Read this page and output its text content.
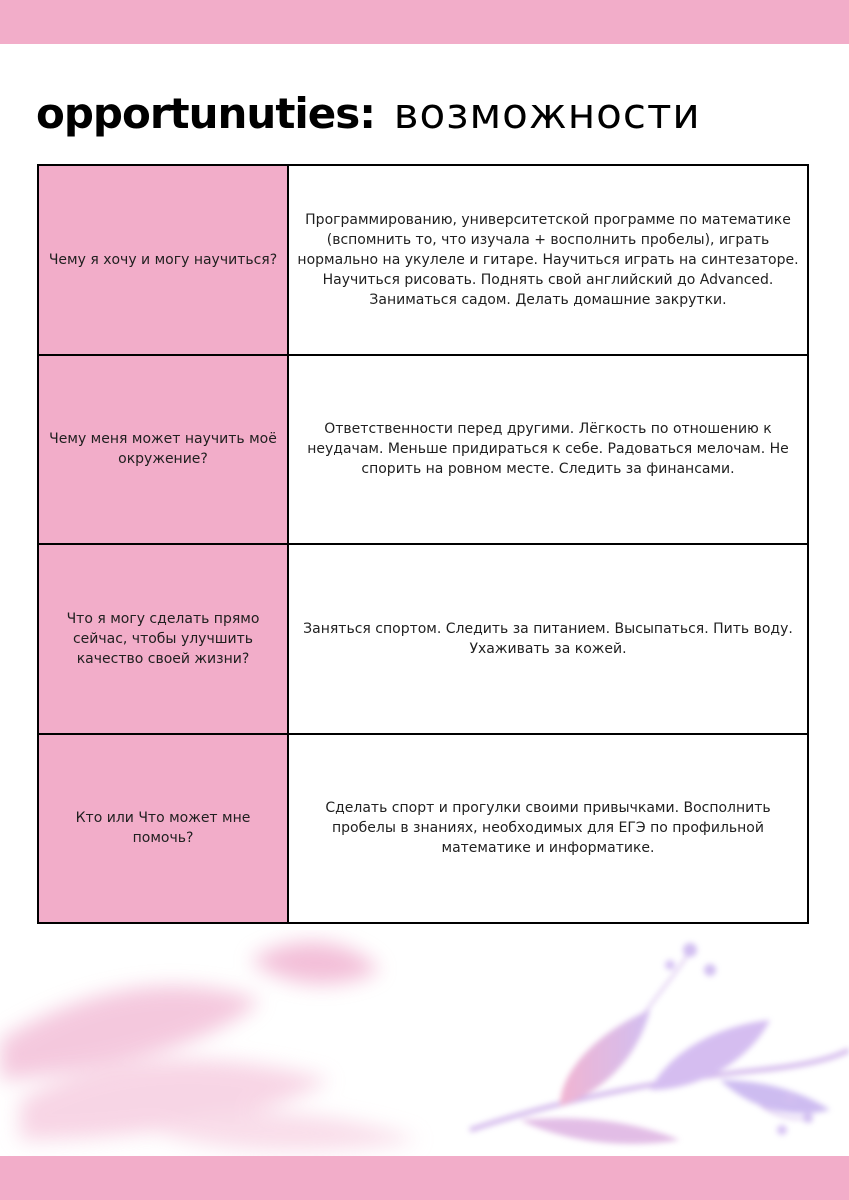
opportunuties: возможности
Чему я хочу и могу научиться?	Программированию, университетской программе по математике (вспомнить то, что изучала + восполнить пробелы), играть нормально на укулеле и гитаре. Научиться играть на синтезаторе. Научиться рисовать. Поднять свой английский до Advanced. Заниматься садом. Делать домашние закрутки.
Чему меня может научить моё окружение?	Ответственности перед другими. Лёгкость по отношению к неудачам. Меньше придираться к себе. Радоваться мелочам. Не спорить на ровном месте. Следить за финансами.
Что я могу сделать прямо сейчас, чтобы улучшить качество своей жизни?	Заняться спортом. Следить за питанием. Высыпаться. Пить воду. Ухаживать за кожей.
Кто или Что может мне помочь?	Сделать спорт и прогулки своими привычками. Восполнить пробелы в знаниях, необходимых для ЕГЭ по профильной математике и информатике.
